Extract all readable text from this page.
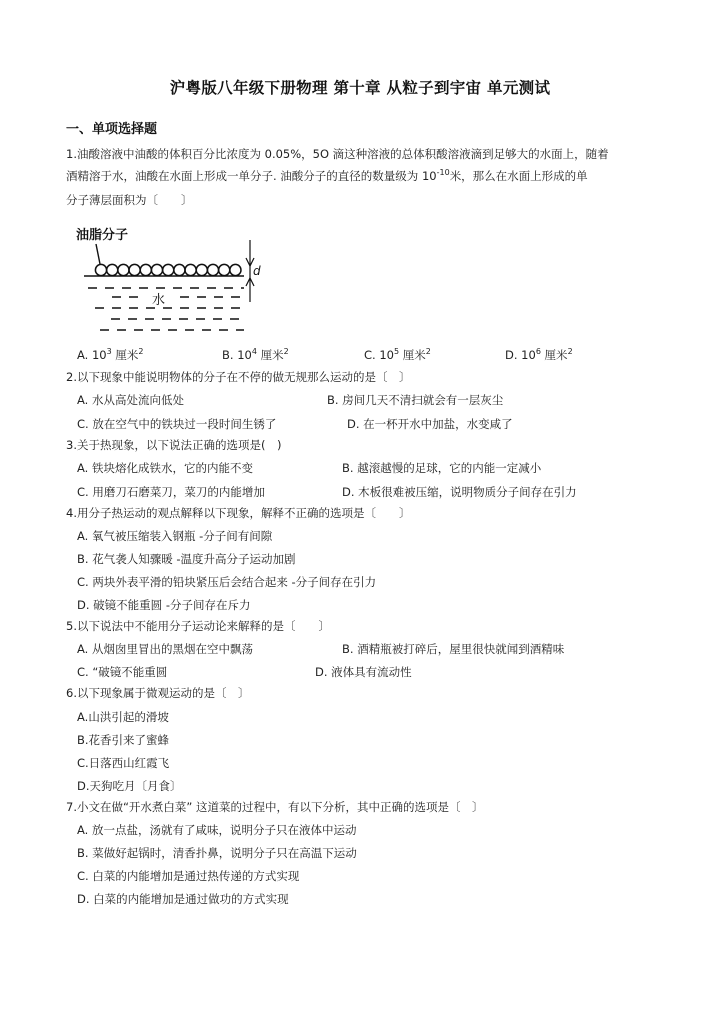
沪粤版八年级下册物理 第十章 从粒子到宇宙 单元测试
一、单项选择题
1.油酸溶液中油酸的体积百分比浓度为 0.05%，5O 滴这种溶液的总体积酸溶液滴到足够大的水面上，随着
酒精溶于水，油酸在水面上形成一单分子. 油酸分子的直径的数量级为 $10^{-10}$米，那么在水面上形成的单
分子薄层面积为〔　　〕
油脂分子
水
d
A. $10^3$ 厘米$^2$	B. $10^4$ 厘米$^2$	C. $10^5$ 厘米$^2$	D. $10^6$ 厘米$^2$
2.以下现象中能说明物体的分子在不停的做无规那么运动的是〔　〕
A. 水从高处流向低处	B. 房间几天不清扫就会有一层灰尘
C. 放在空气中的铁块过一段时间生锈了	D. 在一杯开水中加盐，水变咸了
3.关于热现象，以下说法正确的选项是(　)
A. 铁块熔化成铁水，它的内能不变	B. 越滚越慢的足球，它的内能一定减小
C. 用磨刀石磨菜刀，菜刀的内能增加	D. 木板很难被压缩，说明物质分子间存在引力
4.用分子热运动的观点解释以下现象，解释不正确的选项是〔　　〕
A. 氧气被压缩装入钢瓶 -分子间有间隙
B. 花气袭人知骤暖 -温度升高分子运动加剧
C. 两块外表平滑的铅块紧压后会结合起来 -分子间存在引力
D. 破镜不能重圆 -分子间存在斥力
5.以下说法中不能用分子运动论来解释的是〔　　〕
A. 从烟囱里冒出的黑烟在空中飘荡	B. 酒精瓶被打碎后，屋里很快就闻到酒精味
C. “破镜不能重圆	D. 液体具有流动性
6.以下现象属于微观运动的是〔　〕
A.山洪引起的滑坡
B.花香引来了蜜蜂
C.日落西山红霞飞
D.天狗吃月〔月食〕
7.小文在做“开水煮白菜” 这道菜的过程中，有以下分析，其中正确的选项是〔　〕
A. 放一点盐，汤就有了咸味，说明分子只在液体中运动
B. 菜做好起锅时，清香扑鼻，说明分子只在高温下运动
C. 白菜的内能增加是通过热传递的方式实现
D. 白菜的内能增加是通过做功的方式实现
